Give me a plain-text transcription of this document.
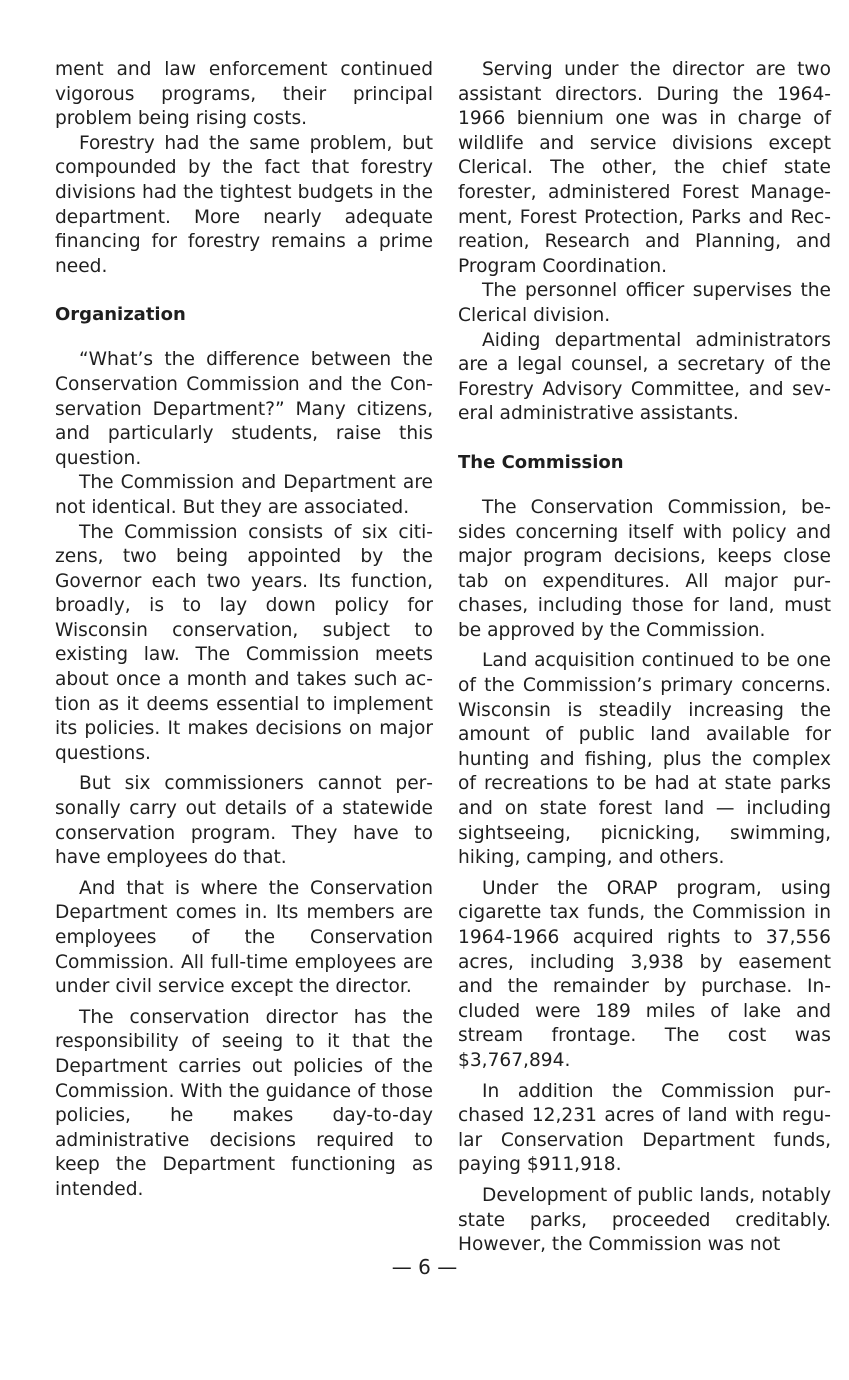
ment and law enforcement continued vigorous programs, their principal problem being rising costs.

Forestry had the same problem, but compounded by the fact that forestry divisions had the tightest budgets in the department. More nearly adequate financing for forestry remains a prime need.

Organization

“What’s the difference between the Conservation Commission and the Conservation Department?” Many citizens, and particularly students, raise this question.

The Commission and Department are not identical. But they are associated.

The Commission consists of six citizens, two being appointed by the Governor each two years. Its function, broadly, is to lay down policy for Wisconsin conservation, subject to existing law. The Commission meets about once a month and takes such action as it deems essential to implement its policies. It makes decisions on major questions.

But six commissioners cannot personally carry out details of a statewide conservation program. They have to have employees do that.

And that is where the Conservation Department comes in. Its members are employees of the Conservation Commission. All full-time employees are under civil service except the director.

The conservation director has the responsibility of seeing to it that the Department carries out policies of the Commission. With the guidance of those policies, he makes day-to-day administrative decisions required to keep the Department functioning as intended.

Serving under the director are two assistant directors. During the 1964-1966 biennium one was in charge of wildlife and service divisions except Clerical. The other, the chief state forester, administered Forest Management, Forest Protection, Parks and Recreation, Research and Planning, and Program Coordination.

The personnel officer supervises the Clerical division.

Aiding departmental administrators are a legal counsel, a secretary of the Forestry Advisory Committee, and several administrative assistants.

The Commission

The Conservation Commission, besides concerning itself with policy and major program decisions, keeps close tab on expenditures. All major purchases, including those for land, must be approved by the Commission.

Land acquisition continued to be one of the Commission’s primary concerns. Wisconsin is steadily increasing the amount of public land available for hunting and fishing, plus the complex of recreations to be had at state parks and on state forest land — including sightseeing, picnicking, swimming, hiking, camping, and others.

Under the ORAP program, using cigarette tax funds, the Commission in 1964-1966 acquired rights to 37,556 acres, including 3,938 by easement and the remainder by purchase. Included were 189 miles of lake and stream frontage. The cost was $3,767,894.

In addition the Commission purchased 12,231 acres of land with regular Conservation Department funds, paying $911,918.

Development of public lands, notably state parks, proceeded creditably. However, the Commission was not

— 6 —
